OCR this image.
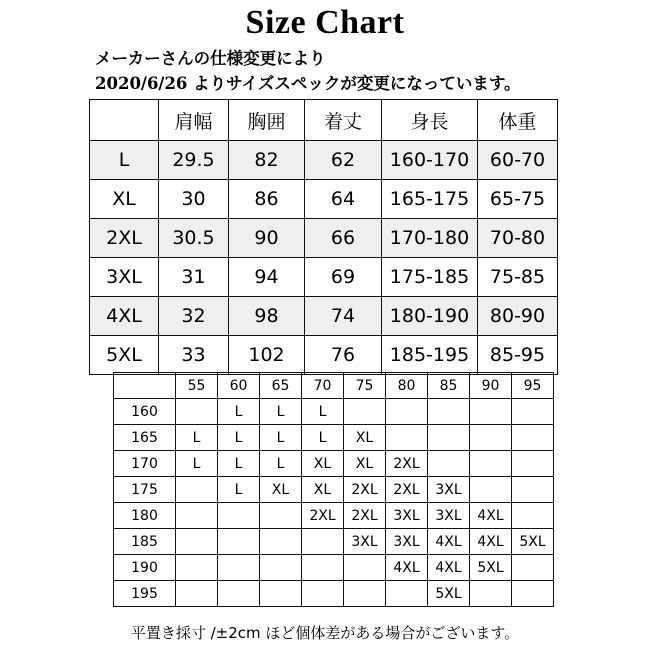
Size Chart
メーカーさんの仕様変更により
2020/6/26 よりサイズスペックが変更になっています。
	肩幅	胸囲	着丈	身長	体重
L	29.5	82	62	160-170	60-70
XL	30	86	64	165-175	65-75
2XL	30.5	90	66	170-180	70-80
3XL	31	94	69	175-185	75-85
4XL	32	98	74	180-190	80-90
5XL	33	102	76	185-195	85-95
	55	60	65	70	75	80	85	90	95
160		L	L	L					
165	L	L	L	L	XL				
170	L	L	L	XL	XL	2XL			
175		L	XL	XL	2XL	2XL	3XL		
180				2XL	2XL	3XL	3XL	4XL	
185					3XL	3XL	4XL	4XL	5XL
190						4XL	4XL	5XL	
195							5XL		
平置き採寸 /±2cm ほど個体差がある場合がございます。
